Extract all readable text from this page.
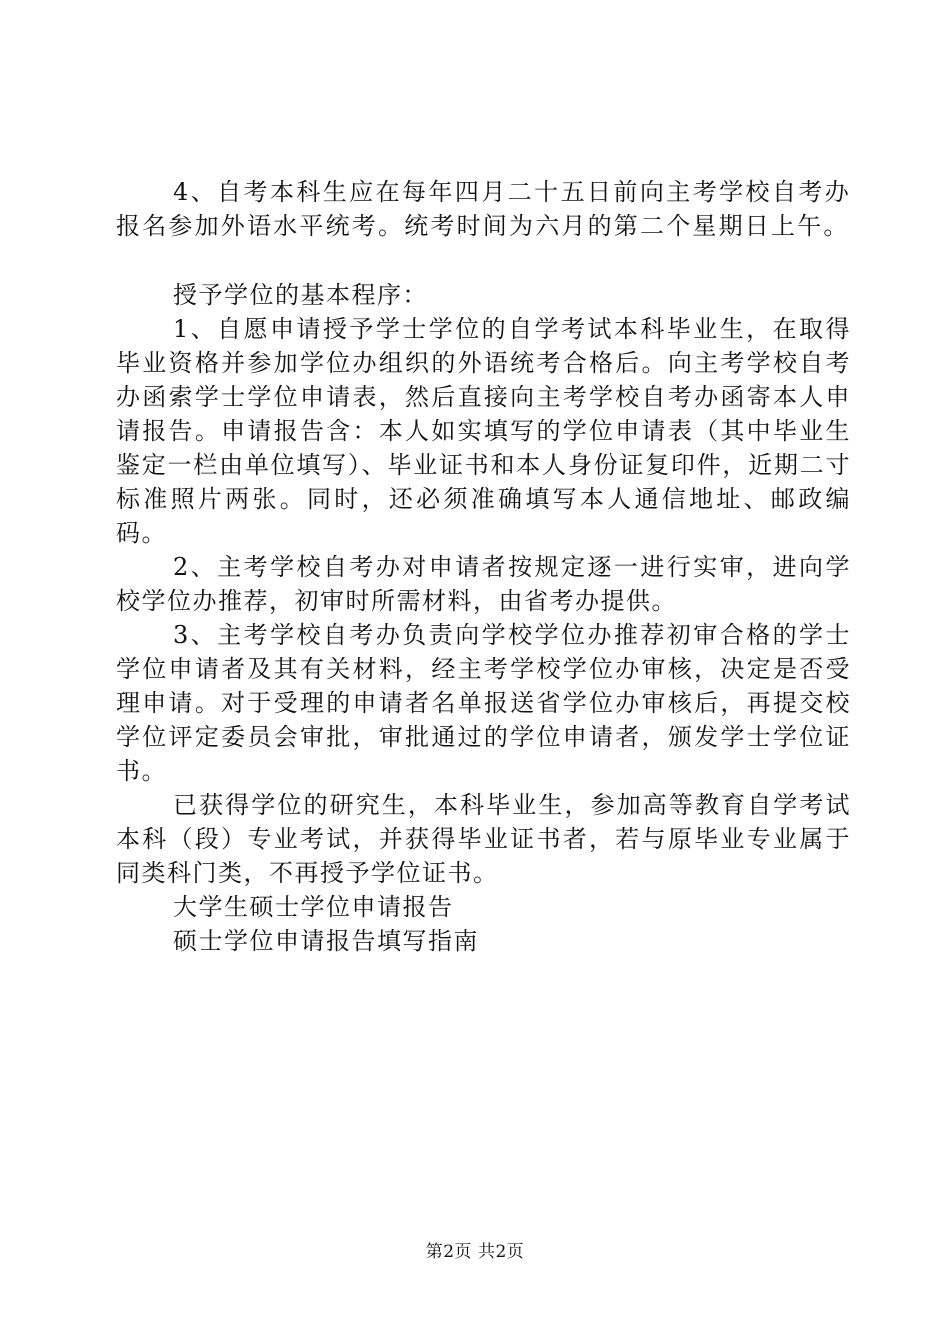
4、自考本科生应在每年四月二十五日前向主考学校自考办报名参加外语水平统考。统考时间为六月的第二个星期日上午。

授予学位的基本程序：

1、自愿申请授予学士学位的自学考试本科毕业生，在取得毕业资格并参加学位办组织的外语统考合格后。向主考学校自考办函索学士学位申请表，然后直接向主考学校自考办函寄本人申请报告。申请报告含：本人如实填写的学位申请表（其中毕业生鉴定一栏由单位填写）、毕业证书和本人身份证复印件，近期二寸标准照片两张。同时，还必须准确填写本人通信地址、邮政编码。

2、主考学校自考办对申请者按规定逐一进行实审，进向学校学位办推荐，初审时所需材料，由省考办提供。

3、主考学校自考办负责向学校学位办推荐初审合格的学士学位申请者及其有关材料，经主考学校学位办审核，决定是否受理申请。对于受理的申请者名单报送省学位办审核后，再提交校学位评定委员会审批，审批通过的学位申请者，颁发学士学位证书。

已获得学位的研究生，本科毕业生，参加高等教育自学考试本科（段）专业考试，并获得毕业证书者，若与原毕业专业属于同类科门类，不再授予学位证书。

大学生硕士学位申请报告

硕士学位申请报告填写指南

第2页 共2页
